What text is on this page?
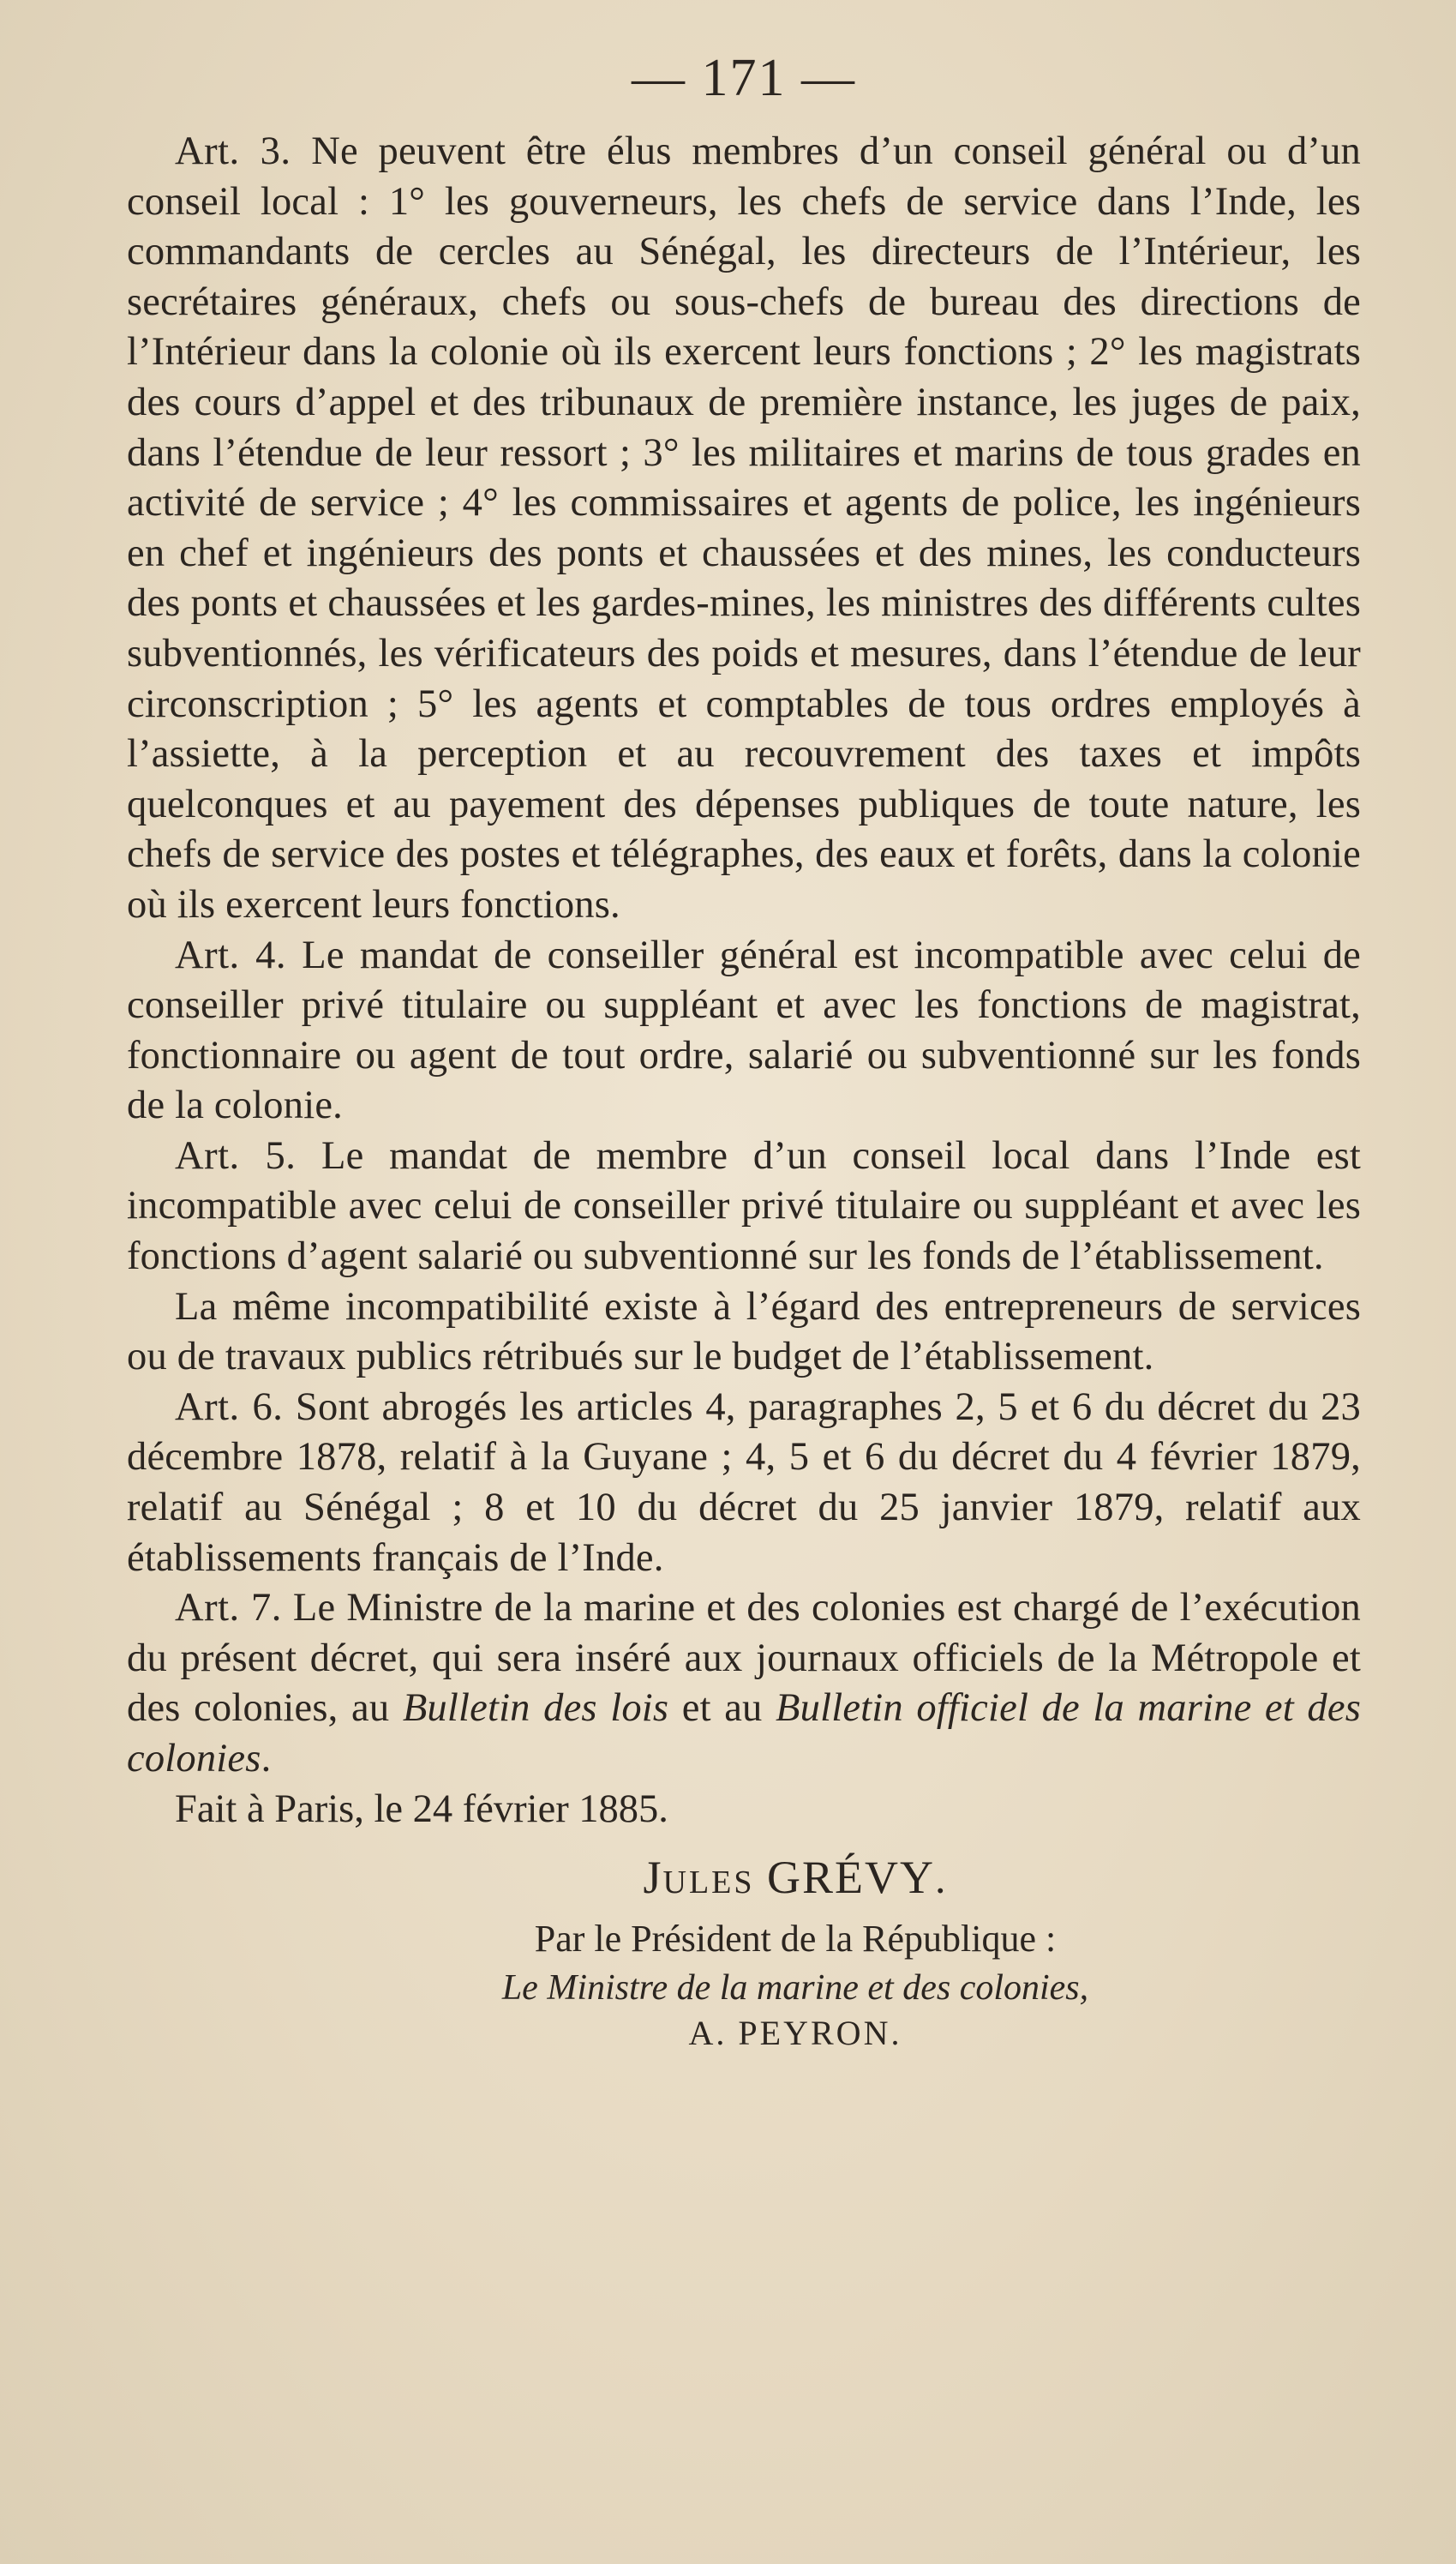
— 171 —

Art. 3. Ne peuvent être élus membres d’un conseil général ou d’un conseil local : 1° les gouverneurs, les chefs de service dans l’Inde, les commandants de cercles au Sénégal, les directeurs de l’Intérieur, les secrétaires généraux, chefs ou sous-chefs de bureau des directions de l’Intérieur dans la colonie où ils exercent leurs fonctions ; 2° les magistrats des cours d’appel et des tribunaux de première instance, les juges de paix, dans l’étendue de leur ressort ; 3° les militaires et marins de tous grades en activité de service ; 4° les commissaires et agents de police, les ingénieurs en chef et ingénieurs des ponts et chaussées et des mines, les conducteurs des ponts et chaussées et les gardes-mines, les ministres des différents cultes subventionnés, les vérificateurs des poids et mesures, dans l’étendue de leur circonscription ; 5° les agents et comptables de tous ordres employés à l’assiette, à la perception et au recouvrement des taxes et impôts quelconques et au payement des dépenses publiques de toute nature, les chefs de service des postes et télégraphes, des eaux et forêts, dans la colonie où ils exercent leurs fonctions.

Art. 4. Le mandat de conseiller général est incompatible avec celui de conseiller privé titulaire ou suppléant et avec les fonctions de magistrat, fonctionnaire ou agent de tout ordre, salarié ou subventionné sur les fonds de la colonie.

Art. 5. Le mandat de membre d’un conseil local dans l’Inde est incompatible avec celui de conseiller privé titulaire ou suppléant et avec les fonctions d’agent salarié ou subventionné sur les fonds de l’établissement.

La même incompatibilité existe à l’égard des entrepreneurs de services ou de travaux publics rétribués sur le budget de l’établissement.

Art. 6. Sont abrogés les articles 4, paragraphes 2, 5 et 6 du décret du 23 décembre 1878, relatif à la Guyane ; 4, 5 et 6 du décret du 4 février 1879, relatif au Sénégal ; 8 et 10 du décret du 25 janvier 1879, relatif aux établissements français de l’Inde.

Art. 7. Le Ministre de la marine et des colonies est chargé de l’exécution du présent décret, qui sera inséré aux journaux officiels de la Métropole et des colonies, au Bulletin des lois et au Bulletin officiel de la marine et des colonies.

Fait à Paris, le 24 février 1885.

JULES GRÉVY.
Par le Président de la République :
Le Ministre de la marine et des colonies,
A. PEYRON.
